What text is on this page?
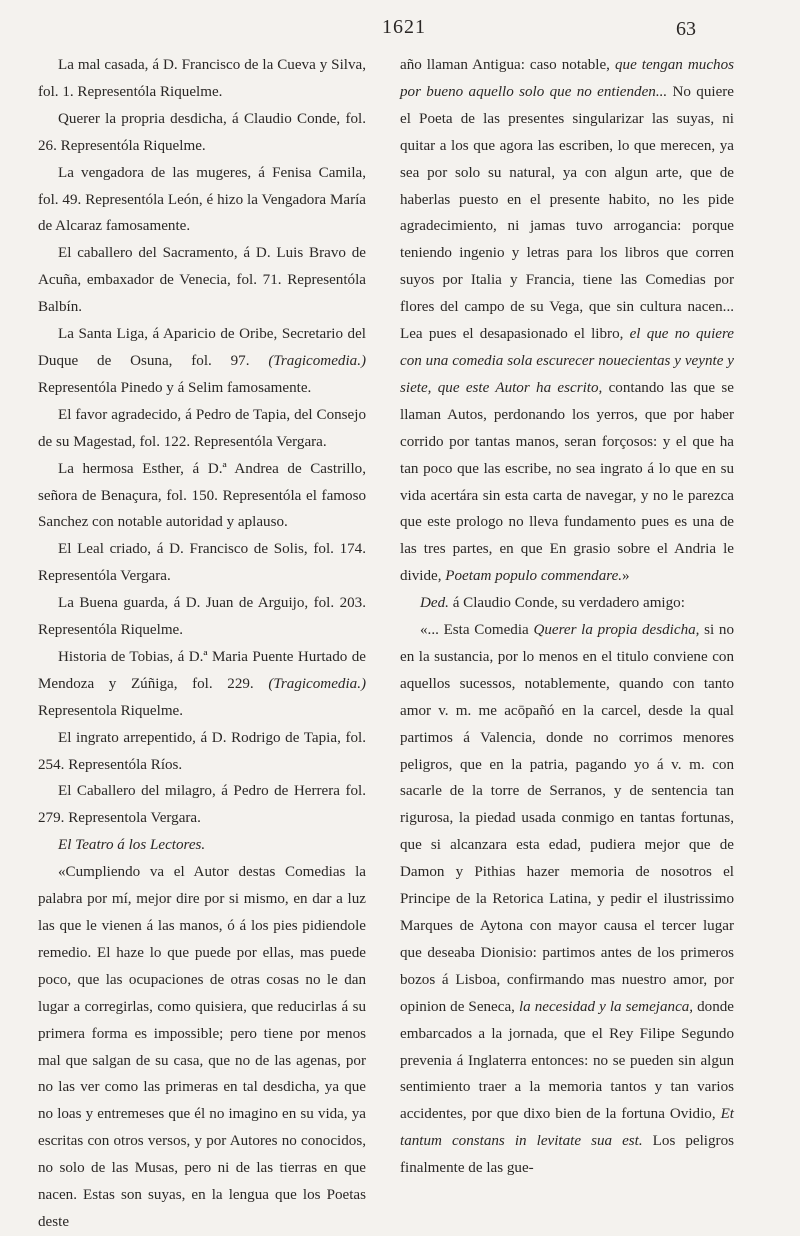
1621	63

La mal casada, á D. Francisco de la Cueva y Silva, fol. 1. Representóla Riquelme.

Querer la propria desdicha, á Claudio Conde, fol. 26. Representóla Riquelme.

La vengadora de las mugeres, á Fenisa Camila, fol. 49. Representóla León, é hizo la Vengadora María de Alcaraz famosamente.

El caballero del Sacramento, á D. Luis Bravo de Acuña, embaxador de Venecia, fol. 71. Representóla Balbín.

La Santa Liga, á Aparicio de Oribe, Secretario del Duque de Osuna, fol. 97. (Tragicomedia.) Representóla Pinedo y á Selim famosamente.

El favor agradecido, á Pedro de Tapia, del Consejo de su Magestad, fol. 122. Representóla Vergara.

La hermosa Esther, á D.ª Andrea de Castrillo, señora de Benaçura, fol. 150. Representóla el famoso Sanchez con notable autoridad y aplauso.

El Leal criado, á D. Francisco de Solis, fol. 174. Representóla Vergara.

La Buena guarda, á D. Juan de Arguijo, fol. 203. Representóla Riquelme.

Historia de Tobias, á D.ª Maria Puente Hurtado de Mendoza y Zúñiga, fol. 229. (Tragicomedia.) Representola Riquelme.

El ingrato arrepentido, á D. Rodrigo de Tapia, fol. 254. Representóla Ríos.

El Caballero del milagro, á Pedro de Herrera fol. 279. Representola Vergara.

El Teatro á los Lectores.

«Cumpliendo va el Autor destas Comedias la palabra por mí, mejor dire por si mismo, en dar a luz las que le vienen á las manos, ó á los pies pidiendole remedio. El haze lo que puede por ellas, mas puede poco, que las ocupaciones de otras cosas no le dan lugar a corregirlas, como quisiera, que reducirlas á su primera forma es impossible; pero tiene por menos mal que salgan de su casa, que no de las agenas, por no las ver como las primeras en tal desdicha, ya que no loas y entremeses que él no imagino en su vida, ya escritas con otros versos, y por Autores no conocidos, no solo de las Musas, pero ni de las tierras en que nacen. Estas son suyas, en la lengua que los Poetas deste

año llaman Antigua: caso notable, que tengan muchos por bueno aquello solo que no entienden... No quiere el Poeta de las presentes singularizar las suyas, ni quitar a los que agora las escriben, lo que merecen, ya sea por solo su natural, ya con algun arte, que de haberlas puesto en el presente habito, no les pide agradecimiento, ni jamas tuvo arrogancia: porque teniendo ingenio y letras para los libros que corren suyos por Italia y Francia, tiene las Comedias por flores del campo de su Vega, que sin cultura nacen... Lea pues el desapasionado el libro, el que no quiere con una comedia sola escurecer nouecientas y veynte y siete, que este Autor ha escrito, contando las que se llaman Autos, perdonando los yerros, que por haber corrido por tantas manos, seran forçosos: y el que ha tan poco que las escribe, no sea ingrato á lo que en su vida acertára sin esta carta de navegar, y no le parezca que este prologo no lleva fundamento pues es una de las tres partes, en que En grasio sobre el Andria le divide, Poetam populo commendare.»

Ded. á Claudio Conde, su verdadero amigo:

«... Esta Comedia Querer la propia desdicha, si no en la sustancia, por lo menos en el titulo conviene con aquellos sucessos, notablemente, quando con tanto amor v. m. me acōpañó en la carcel, desde la qual partimos á Valencia, donde no corrimos menores peligros, que en la patria, pagando yo á v. m. con sacarle de la torre de Serranos, y de sentencia tan rigurosa, la piedad usada conmigo en tantas fortunas, que si alcanzara esta edad, pudiera mejor que de Damon y Pithias hazer memoria de nosotros el Principe de la Retorica Latina, y pedir el ilustrissimo Marques de Aytona con mayor causa el tercer lugar que deseaba Dionisio: partimos antes de los primeros bozos á Lisboa, confirmando mas nuestro amor, por opinion de Seneca, la necesidad y la semejanca, donde embarcados a la jornada, que el Rey Filipe Segundo prevenia á Inglaterra entonces: no se pueden sin algun sentimiento traer a la memoria tantos y tan varios accidentes, por que dixo bien de la fortuna Ovidio, Et tantum constans in levitate sua est. Los peligros finalmente de las gue-
